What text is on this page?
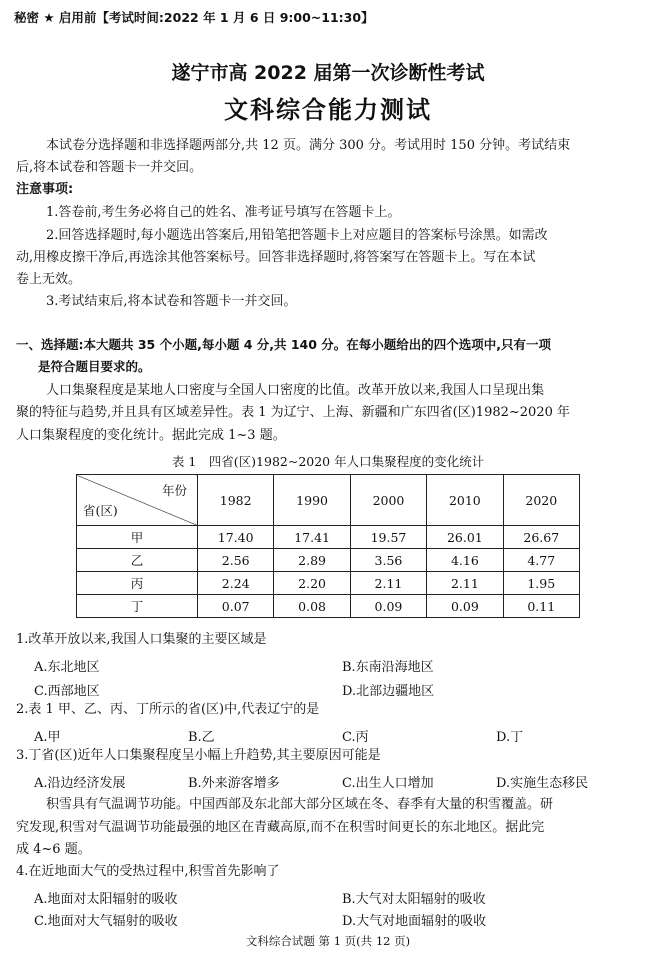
秘密 ★ 启用前【考试时间:2022 年 1 月 6 日 9:00~11:30】
遂宁市高 2022 届第一次诊断性考试
文科综合能力测试
本试卷分选择题和非选择题两部分,共 12 页。满分 300 分。考试用时 150 分钟。考试结束
后,将本试卷和答题卡一并交回。
注意事项:
1.答卷前,考生务必将自己的姓名、准考证号填写在答题卡上。
2.回答选择题时,每小题选出答案后,用铅笔把答题卡上对应题目的答案标号涂黑。如需改
动,用橡皮擦干净后,再选涂其他答案标号。回答非选择题时,将答案写在答题卡上。写在本试
卷上无效。
3.考试结束后,将本试卷和答题卡一并交回。
一、选择题:本大题共 35 个小题,每小题 4 分,共 140 分。在每小题给出的四个选项中,只有一项
是符合题目要求的。
人口集聚程度是某地人口密度与全国人口密度的比值。改革开放以来,我国人口呈现出集
聚的特征与趋势,并且具有区域差异性。表 1 为辽宁、上海、新疆和广东四省(区)1982~2020 年
人口集聚程度的变化统计。据此完成 1~3 题。
表 1　四省(区)1982~2020 年人口集聚程度的变化统计
年份
省(区)	1982	1990	2000	2010	2020
甲	17.40	17.41	19.57	26.01	26.67
乙	2.56	2.89	3.56	4.16	4.77
丙	2.24	2.20	2.11	2.11	1.95
丁	0.07	0.08	0.09	0.09	0.11
1.改革开放以来,我国人口集聚的主要区域是
A.东北地区	B.东南沿海地区
C.西部地区	D.北部边疆地区
2.表 1 甲、乙、丙、丁所示的省(区)中,代表辽宁的是
A.甲	B.乙	C.丙	D.丁
3.丁省(区)近年人口集聚程度呈小幅上升趋势,其主要原因可能是
A.沿边经济发展	B.外来游客增多	C.出生人口增加	D.实施生态移民
积雪具有气温调节功能。中国西部及东北部大部分区域在冬、春季有大量的积雪覆盖。研
究发现,积雪对气温调节功能最强的地区在青藏高原,而不在积雪时间更长的东北地区。据此完
成 4~6 题。
4.在近地面大气的受热过程中,积雪首先影响了
A.地面对太阳辐射的吸收	B.大气对太阳辐射的吸收
C.地面对大气辐射的吸收	D.大气对地面辐射的吸收
文科综合试题 第 1 页(共 12 页)
